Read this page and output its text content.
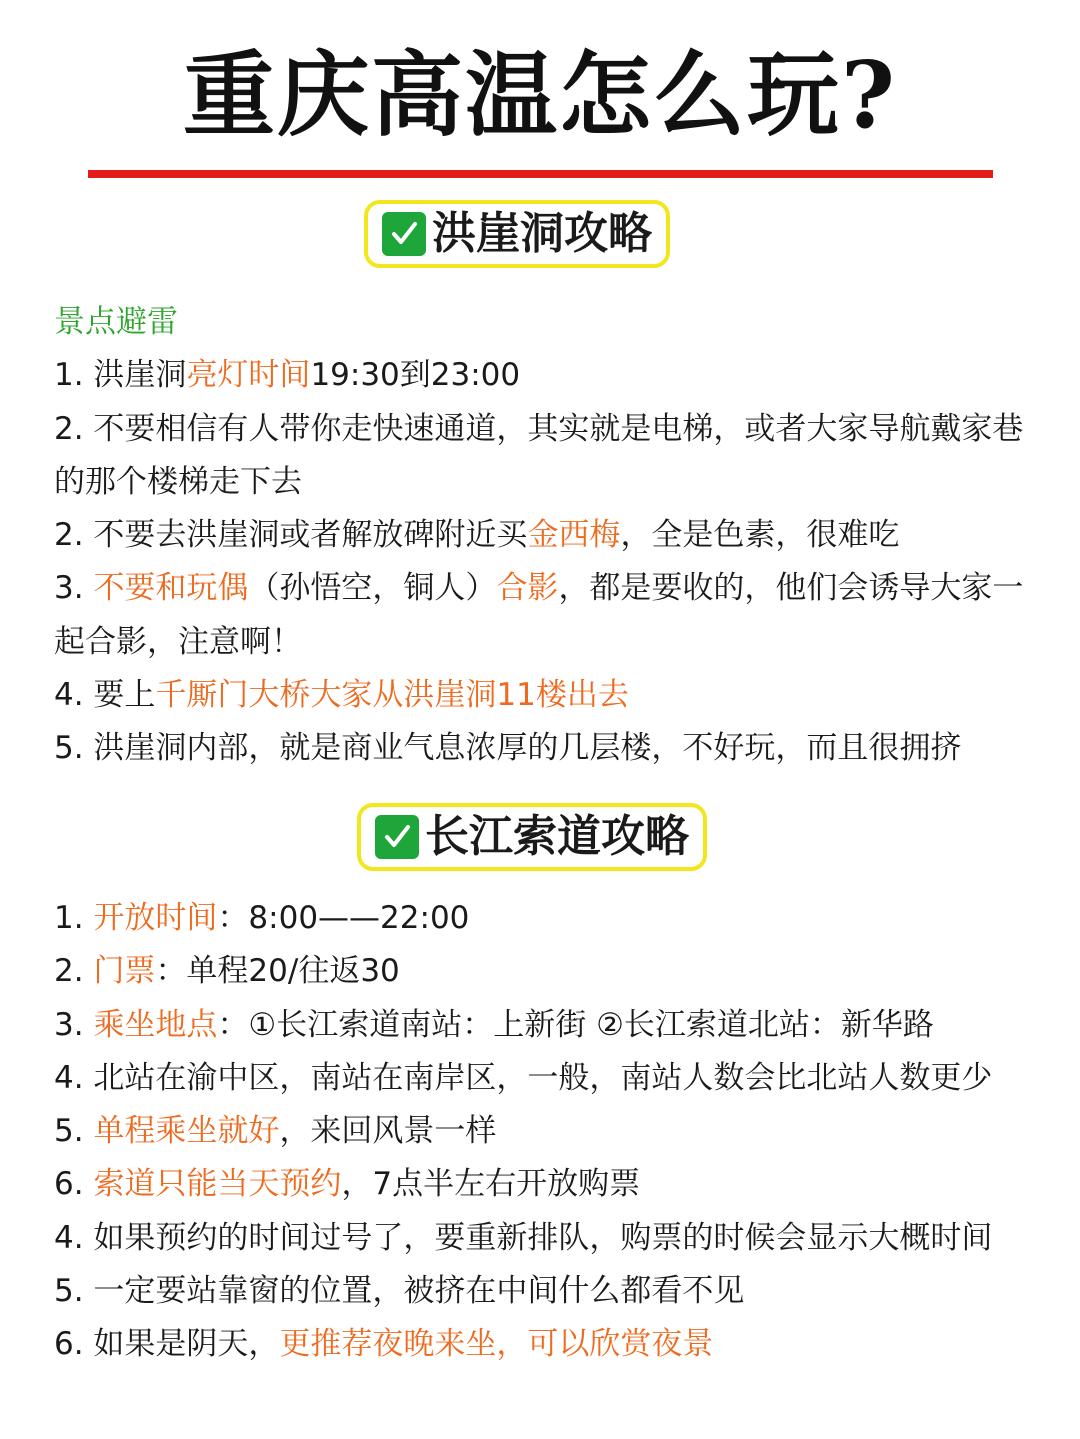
重庆高温怎么玩?
洪崖洞攻略
景点避雷
1. 洪崖洞亮灯时间19:30到23:00
2. 不要相信有人带你走快速通道，其实就是电梯，或者大家导航戴家巷的那个楼梯走下去
2. 不要去洪崖洞或者解放碑附近买金西梅，全是色素，很难吃
3. 不要和玩偶（孙悟空，铜人）合影，都是要收的，他们会诱导大家一起合影，注意啊！
4. 要上千厮门大桥大家从洪崖洞11楼出去
5. 洪崖洞内部，就是商业气息浓厚的几层楼，不好玩，而且很拥挤
长江索道攻略
1. 开放时间：8:00——22:00
2. 门票：单程20/往返30
3. 乘坐地点：①长江索道南站：上新街 ②长江索道北站：新华路
4. 北站在渝中区，南站在南岸区，一般，南站人数会比北站人数更少
5. 单程乘坐就好，来回风景一样
6. 索道只能当天预约，7点半左右开放购票
4. 如果预约的时间过号了，要重新排队，购票的时候会显示大概时间
5. 一定要站靠窗的位置，被挤在中间什么都看不见
6. 如果是阴天，更推荐夜晚来坐，可以欣赏夜景
